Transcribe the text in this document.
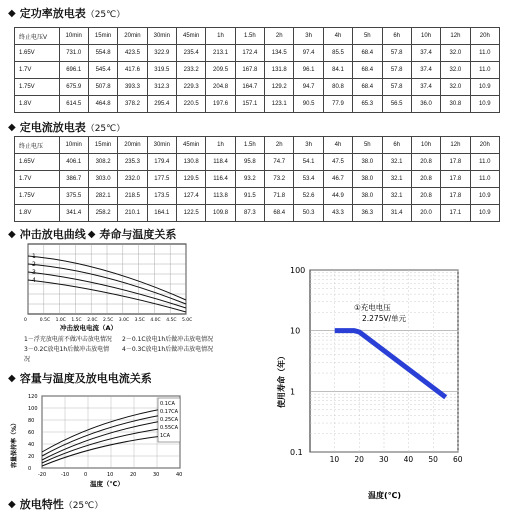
◆ 定功率放电表 （25℃）
终止电压V	10min	15min	20min	30min	45min	1h	1.5h	2h	3h	4h	5h	6h	10h	12h	20h
1.65V	731.0	554.8	423.5	322.9	235.4	213.1	172.4	134.5	97.4	85.5	68.4	57.8	37.4	32.0	11.0
1.7V	696.1	545.4	417.6	319.5	233.2	209.5	167.8	131.8	96.1	84.1	68.4	57.8	37.4	32.0	11.0
1.75V	675.9	507.8	393.3	312.3	229.3	204.8	164.7	129.2	94.7	80.8	68.4	57.8	37.4	32.0	10.9
1.8V	614.5	464.8	378.2	295.4	220.5	197.6	157.1	123.1	90.5	77.9	65.3	56.5	36.0	30.8	10.9
◆ 定电流放电表 （25℃）
终止电压	10min	15min	20min	30min	45min	1h	1.5h	2h	3h	4h	5h	6h	10h	12h	20h
1.65V	406.1	308.2	235.3	179.4	130.8	118.4	95.8	74.7	54.1	47.5	38.0	32.1	20.8	17.8	11.0
1.7V	386.7	303.0	232.0	177.5	129.5	116.4	93.2	73.2	53.4	46.7	38.0	32.1	20.8	17.8	11.0
1.75V	375.5	282.1	218.5	173.5	127.4	113.8	91.5	71.8	52.6	44.9	38.0	32.1	20.8	17.8	10.9
1.8V	341.4	258.2	210.1	164.1	122.5	109.8	87.3	68.4	50.3	43.3	36.3	31.4	20.0	17.1	10.9
◆ 冲击放电曲线 ◆ 寿命与温度关系
1
2
3
4
0	0.5C 1.0C 1.5C 2.0C 2.5C 3.0C 3.5C 4.0C 4.5C 5.0C
冲击放电电流（A）
1－浮充放电前不做冲击放电情况 2－0.1C放电1h后做冲击放电情况
3－0.2C放电1h后做冲击放电情况
4－0.3C放电1h后做冲击放电情况
◆ 容量与温度及放电电流关系
容量保持率（%）
120
100
80
60
40
20
0
-20	-10	0	10	20	30	40
0.1CA
0.17CA
0.25CA
0.55CA
1CA
温度（℃）
◆ 放电特性 （25℃）
100
10
1
0.1
10 20 30 40 50 60
①充电电压
2.275V/单元
使用寿命（年）
温度(℃)
